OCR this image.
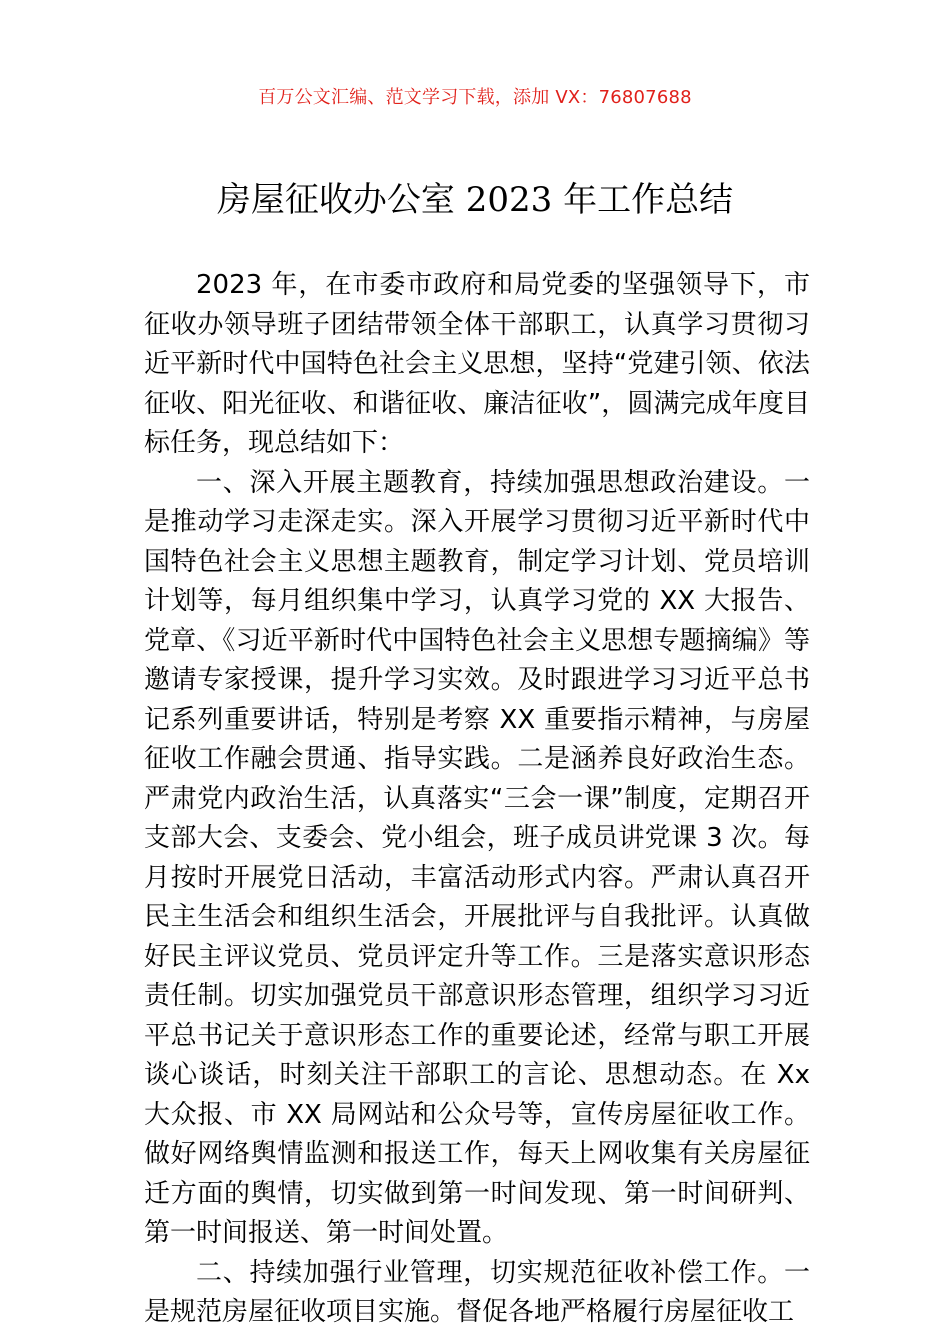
百万公文汇编、范文学习下载，添加 VX：76807688
房屋征收办公室 2023 年工作总结

2023 年，在市委市政府和局党委的坚强领导下，市征收办领导班子团结带领全体干部职工，认真学习贯彻习近平新时代中国特色社会主义思想，坚持“党建引领、依法征收、阳光征收、和谐征收、廉洁征收”，圆满完成年度目标任务，现总结如下：

一、深入开展主题教育，持续加强思想政治建设。一是推动学习走深走实。深入开展学习贯彻习近平新时代中国特色社会主义思想主题教育，制定学习计划、党员培训计划等，每月组织集中学习，认真学习党的 XX 大报告、党章、《习近平新时代中国特色社会主义思想专题摘编》等邀请专家授课，提升学习实效。及时跟进学习习近平总书记系列重要讲话，特别是考察 XX 重要指示精神，与房屋征收工作融会贯通、指导实践。二是涵养良好政治生态。严肃党内政治生活，认真落实“三会一课”制度，定期召开支部大会、支委会、党小组会，班子成员讲党课 3 次。每月按时开展党日活动，丰富活动形式内容。严肃认真召开民主生活会和组织生活会，开展批评与自我批评。认真做好民主评议党员、党员评定升等工作。三是落实意识形态责任制。切实加强党员干部意识形态管理，组织学习习近平总书记关于意识形态工作的重要论述，经常与职工开展谈心谈话，时刻关注干部职工的言论、思想动态。在 Xx 大众报、市 XX 局网站和公众号等，宣传房屋征收工作。做好网络舆情监测和报送工作，每天上网收集有关房屋征迁方面的舆情，切实做到第一时间发现、第一时间研判、第一时间报送、第一时间处置。

二、持续加强行业管理，切实规范征收补偿工作。一是规范房屋征收项目实施。督促各地严格履行房屋征收工
